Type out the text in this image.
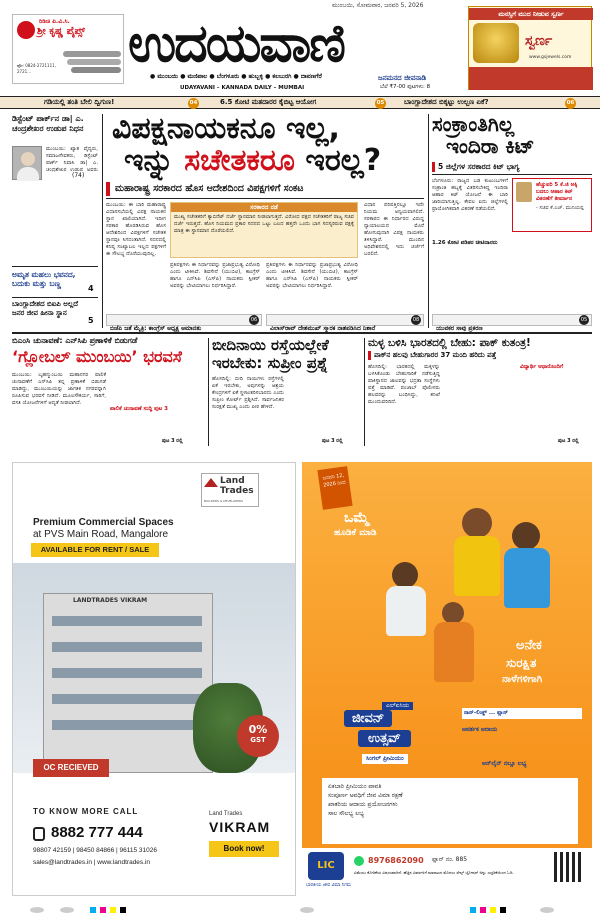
ರಿಡಿಚಿ ಪಿ.ವಿ.ಸಿ.
ಶ್ರೀ ಕೃಷ್ಣ ಪೈಪ್ಸ್
ಫೋ: 0824-2721111, 2721...	ಉದಯವಾಣಿ
ಮುಂಬಯಿ, ಸೋಮವಾರ, ಜನವರಿ 5, 2026
● ಮುಂಬಯಿ ● ಮಣಿಪಾಲ ● ಬೆಂಗಳೂರು ● ಹುಬ್ಬಳ್ಳಿ ● ಕಲಬುರಗಿ ● ದಾವಣಗೆರೆ
UDAYAVANI – KANNADA DAILY – MUMBAI
ಜನಮನದ ಜೀವನಾಡಿ
ಬೆಲೆ ₹7-00 ಪುಟಗಳು: 8
ಮನಸ್ಸಿಗೆ ಮುದ ನೀಡುವ ಸ್ವರ್ಣ
ಸ್ವರ್ಣ
www.gsjewels.com
ಗಡಿಯಲ್ಲಿ ತಂತಿ ಬೇಲಿ ದ್ವಿಗುಣ!	04	6.5 ಕೋಟಿ ಮತದಾರರ ಕೈಬಿಟ್ಟ ಆಯೋಗ	05	ಬಾಂಗ್ಲಾದೇಶದ ಬಿಕ್ಕಟ್ಟು ಉಲ್ಬಣ ಏಕೆ?	06
ಡಿಸ್ಟೆಂಟ್ ಪಾರ್ಕ್‌ನ ಡಾ| ಎ. ಚಂದ್ರಶೇಖರ ಉಡುಪ ನಿಧನ
(74)
ಮುಂಬಯಿ: ಖ್ಯಾತ ವೈದ್ಯರು, ಸಮಾಜಸೇವಕರು, ಡಿಸ್ಟೆಂಟ್ ಪಾರ್ಕ್ ನಿವಾಸಿ ಡಾ| ಎ. ಚಂದ್ರಶೇಖರ ಉಡುಪ ಅವರು
ಅಮೃತ ಮಹಲು ಭವನದ, ಬದುಕು ಮತ್ತು ಬಣ್ಣ
4
ಬಾಂಗ್ಲಾದೇಶದ ಬಿಐಪಿ ಅಲ್ಲದೆ ಜನರ ಜೀವ ಹೀನಾ ಸ್ಥಾನ
5
ವಿಪಕ್ಷನಾಯಕನೂ ಇಲ್ಲ,
ಇನ್ನು ಸಚೇತಕರೂ ಇರಲ್ಲ?
ಮಹಾರಾಷ್ಟ್ರ ಸರಕಾರದ ಹೊಸ ಆದೇಶದಿಂದ ವಿಪಕ್ಷಗಳಿಗೆ ಸಂಕಟ
ಮುಂಬಯಿ: ಈ ಬಾರಿ ಮಹಾರಾಷ್ಟ್ರ ವಿಧಾನಸಭೆಯಲ್ಲಿ ವಿಪಕ್ಷ ನಾಯಕನ ಸ್ಥಾನ ಖಾಲಿಯಾಗಿದೆ. ಇದೀಗ ಸರಕಾರ ಹೊರಡಿಸಿರುವ ಹೊಸ ಆದೇಶದಿಂದ ವಿಪಕ್ಷಗಳಿಗೆ ಸಚೇತಕ ಸ್ಥಾನವೂ ಸಿಗದಂತಾಗಿದೆ. ಸದನದಲ್ಲಿ ಕನಿಷ್ಠ ಸಂಖ್ಯಾಬಲ ಇಲ್ಲದ ಪಕ್ಷಗಳಿಗೆ ಈ ಸೌಲಭ್ಯ ದೊರೆಯುವುದಿಲ್ಲ.
ಸರಕಾರದ ನಡೆ
ಮುಖ್ಯ ಸಚೇತಕರಿಗೆ ಕ್ಯಾಬಿನೆಟ್ ದರ್ಜೆ ಸ್ಥಾನಮಾನ ನೀಡಲಾಗುತ್ತದೆ. ವಿರೋಧ ಪಕ್ಷದ ಸಚೇತಕರಿಗೆ ರಾಜ್ಯ ಸಚಿವ ದರ್ಜೆ ಇರುತ್ತದೆ. ಹೊಸ ನಿಯಮದ ಪ್ರಕಾರ ಸದನದ ಒಟ್ಟು ಬಲದ ಹತ್ತನೇ ಒಂದು ಭಾಗ ಸದಸ್ಯರಿರುವ ಪಕ್ಷಕ್ಕೆ ಮಾತ್ರ ಈ ಸ್ಥಾನಮಾನ ದೊರೆಯಲಿದೆ.
ಪ್ರತಿಪಕ್ಷಗಳು ಈ ನಿರ್ಧಾರವನ್ನು ಪ್ರಜಾಪ್ರಭುತ್ವ ವಿರೋಧಿ ಎಂದು ಟೀಕಿಸಿವೆ. ಶಿವಸೇನೆ (ಯುಬಿಟಿ), ಕಾಂಗ್ರೆಸ್ ಹಾಗೂ ಎನ್‌ಸಿಪಿ (ಎಸ್‌ಪಿ) ನಾಯಕರು ಸ್ಪೀಕರ್ ಅವರನ್ನು ಭೇಟಿಯಾಗಲು ನಿರ್ಧರಿಸಿದ್ದಾರೆ.
ಪ್ರತಿಪಕ್ಷಗಳು ಈ ನಿರ್ಧಾರವನ್ನು ಪ್ರಜಾಪ್ರಭುತ್ವ ವಿರೋಧಿ ಎಂದು ಟೀಕಿಸಿವೆ. ಶಿವಸೇನೆ (ಯುಬಿಟಿ), ಕಾಂಗ್ರೆಸ್ ಹಾಗೂ ಎನ್‌ಸಿಪಿ (ಎಸ್‌ಪಿ) ನಾಯಕರು ಸ್ಪೀಕರ್ ಅವರನ್ನು ಭೇಟಿಯಾಗಲು ನಿರ್ಧರಿಸಿದ್ದಾರೆ.
ವಿಧಾನ ಪರಿಷತ್ತಿನಲ್ಲೂ ಇದೇ ನಿಯಮ ಅನ್ವಯವಾಗಲಿದೆ. ಸರಕಾರದ ಈ ನಿರ್ಧಾರದ ವಿರುದ್ಧ ನ್ಯಾಯಾಲಯದ ಮೊರೆ ಹೋಗುವುದಾಗಿ ವಿಪಕ್ಷ ನಾಯಕರು ತಿಳಿಸಿದ್ದಾರೆ. ಮುಂದಿನ ಅಧಿವೇಶನದಲ್ಲಿ ಇದು ಚರ್ಚೆಗೆ ಬರಲಿದೆ.
ಬಿಜೆಪಿ ಜತೆ ಮೈತ್ರಿ: ಕಾಂಗ್ರೆಸ್ ಅಧ್ಯಕ್ಷ ಅಮಾನತು
06
ವಿಲಾಸ್‌ರಾವ್ ದೇಶಮುಖ್ ಸ್ಮಾರಕ ನಾಶಪಡಿಸಿದ ನಿಶಾನೆ
08
ಸಂಕ್ರಾಂತಿಗಿಲ್ಲ
ಇಂದಿರಾ ಕಿಟ್
5 ಜಿಲ್ಲೆಗಳ ಸರಕಾರದ ಕಿಟ್ ಭಾಗ್ಯ
ಬೆಂಗಳೂರು: ರಾಜ್ಯದ ಬಡ ಕುಟುಂಬಗಳಿಗೆ ಸಂಕ್ರಾಂತಿ ಹಬ್ಬಕ್ಕೆ ವಿತರಿಸಬೇಕಿದ್ದ ಇಂದಿರಾ ಆಹಾರ ಕಿಟ್ ಯೋಜನೆ ಈ ಬಾರಿ ಜಾರಿಯಾಗುತ್ತಿಲ್ಲ. ಕೇವಲ ಐದು ಜಿಲ್ಲೆಗಳಲ್ಲಿ ಪ್ರಾಯೋಗಿಕವಾಗಿ ವಿತರಣೆ ನಡೆಯಲಿದೆ.
1.26 ಕೋಟಿ ಪಡಿತರ ಚೀಟಿದಾರರು
ಹೆಚ್ಚುವರಿ 5 ಕೆ.ಜಿ ಅಕ್ಕಿ ಬದಲು ಆಹಾರ ಕಿಟ್ ವಿತರಣೆಗೆ ತೀರ್ಮಾನ
- ಸಚಿವ ಕೆ.ಎಚ್. ಮುನಿಯಪ್ಪ
ಯುವಕರ ಸಾವು ಪ್ರಕರಣ
05
ಬಿಎಂಸಿ ಚುನಾವಣೆ: ಎನ್‌ಸಿಪಿ ಪ್ರಣಾಳಿಕೆ ಬಿಡುಗಡೆ
‘ಗ್ಲೋಬಲ್ ಮುಂಬಯಿ’ ಭರವಸೆ
ಮುಂಬಯಿ: ಬೃಹನ್ಮುಂಬಯಿ ಮಹಾನಗರ ಪಾಲಿಕೆ ಚುನಾವಣೆಗೆ ಎನ್‌ಸಿಪಿ ತನ್ನ ಪ್ರಣಾಳಿಕೆ ಬಿಡುಗಡೆ ಮಾಡಿದ್ದು, ಮುಂಬಯಿಯನ್ನು ಜಾಗತಿಕ ನಗರವನ್ನಾಗಿ ರೂಪಿಸುವ ಭರವಸೆ ನೀಡಿದೆ. ಮೂಲಸೌಕರ್ಯ, ಸಾರಿಗೆ, ವಸತಿ ಯೋಜನೆಗಳಿಗೆ ಆದ್ಯತೆ ನೀಡಲಾಗಿದೆ.
ಪಾಲಿಕೆ ಚುನಾವಣೆ ಸುದ್ದಿ ಪುಟ 3
ಪುಟ 3 ರಲ್ಲಿ
ಬೀದಿನಾಯಿ ರಸ್ತೆಯಲ್ಲೇಕೆ
ಇರಬೇಕು: ಸುಪ್ರೀಂ ಪ್ರಶ್ನೆ
ಹೊಸದಿಲ್ಲಿ: ಬೀದಿ ನಾಯಿಗಳು ರಸ್ತೆಗಳಲ್ಲಿ ಏಕೆ ಇರಬೇಕು, ಅವುಗಳನ್ನು ಆಶ್ರಯ ಕೇಂದ್ರಗಳಿಗೆ ಏಕೆ ಸ್ಥಳಾಂತರಿಸಬಾರದು ಎಂದು ಸುಪ್ರೀಂ ಕೋರ್ಟ್ ಪ್ರಶ್ನಿಸಿದೆ. ಸಾರ್ವಜನಿಕರ ಸುರಕ್ಷತೆ ಮುಖ್ಯ ಎಂದು ಪೀಠ ಹೇಳಿದೆ.
ಪುಟ 3 ರಲ್ಲಿ
ಮಳ್ಳ ಬಳಿಸಿ ಭಾರತದಲ್ಲಿ ಬೇಹು: ಪಾಕ್ ಕುತಂತ್ರ!
ಪಾಕ್‌ನ ಹಲವು ಬೇಹುಗಾರರ 37 ಮಂದಿ ಹರಿದು ಪತ್ತೆ
ಹೊಸದಿಲ್ಲಿ: ಭಾರತದಲ್ಲಿ ಮಕ್ಕಳನ್ನು ಬಳಸಿಕೊಂಡು ಬೇಹುಗಾರಿಕೆ ನಡೆಸುತ್ತಿದ್ದ ಪಾಕಿಸ್ಥಾನದ ಜಾಲವನ್ನು ಭದ್ರತಾ ಸಂಸ್ಥೆಗಳು ಪತ್ತೆ ಮಾಡಿವೆ. ಪಂಜಾಬ್ ಪೊಲೀಸರು ಹಲವರನ್ನು ಬಂಧಿಸಿದ್ದು, ತನಿಖೆ ಮುಂದುವರಿದಿದೆ.
ವಿದ್ಯಾರ್ಥಿ ಆಧಾರೊಂದಿಗೆ
ಪುಟ 3 ರಲ್ಲಿ
Land
Trades
BUILDERS & DEVELOPERS
Premium Commercial Spaces
at PVS Main Road, Mangalore
AVAILABLE FOR RENT / SALE
LANDTRADES VIKRAM
0%
GST
OC RECIEVED
TO KNOW MORE CALL
8882 777 444
98807 42159 | 98450 84866 | 96115 31026
sales@landtrades.in | www.landtrades.in
Land Trades
VIKRAM
Book now!
ಜನವರಿ 12, 2026 ರಿಂದ
ಒಮ್ಮೆ
ಹೂಡಿಕೆ ಮಾಡಿ
ಅನೇಕ
ಸುರಕ್ಷಿತ
ನಾಳೆಗಳಿಗಾಗಿ
ಎಲ್‌ಐಸಿಯ
ಜೀವನ್
ಉತ್ಸವ್
ಸಿಂಗಲ್ ಪ್ರೀಮಿಯಂ
ನಾನ್-ಲಿಂಕ್ಡ್ ... ಪ್ಲಾನ್
ಆವರ್ತಕ ಆದಾಯ
ಆನ್‌ಲೈನ್ ನಲ್ಲೂ ಲಭ್ಯ
ಏಕಬಾರಿ ಪ್ರೀಮಿಯಂ ಪಾವತಿ
ಸಂಪೂರ್ಣ ಅವಧಿಗೆ ಜೀವ ವಿಮಾ ರಕ್ಷಣೆ
ಖಾತರಿಯ ಆದಾಯ ಪ್ರಯೋಜನಗಳು
ಸಾಲ ಸೌಲಭ್ಯ ಲಭ್ಯ
LIC
ಭಾರತೀಯ ಜೀವ ವಿಮಾ ನಿಗಮ
8976862090 ಪ್ಲಾನ್ ನಂ. 885
ವಿಮೆಯು ಕೋರಿಕೆಯ ವಿಷಯವಾಗಿದೆ. ಹೆಚ್ಚಿನ ವಿವರಗಳಿಗೆ ಮಾರಾಟದ ಮೊದಲು ಸೇಲ್ಸ್ ಬ್ರೋಷರ್ ಅನ್ನು ಎಚ್ಚರಿಕೆಯಿಂದ ಓದಿ.
